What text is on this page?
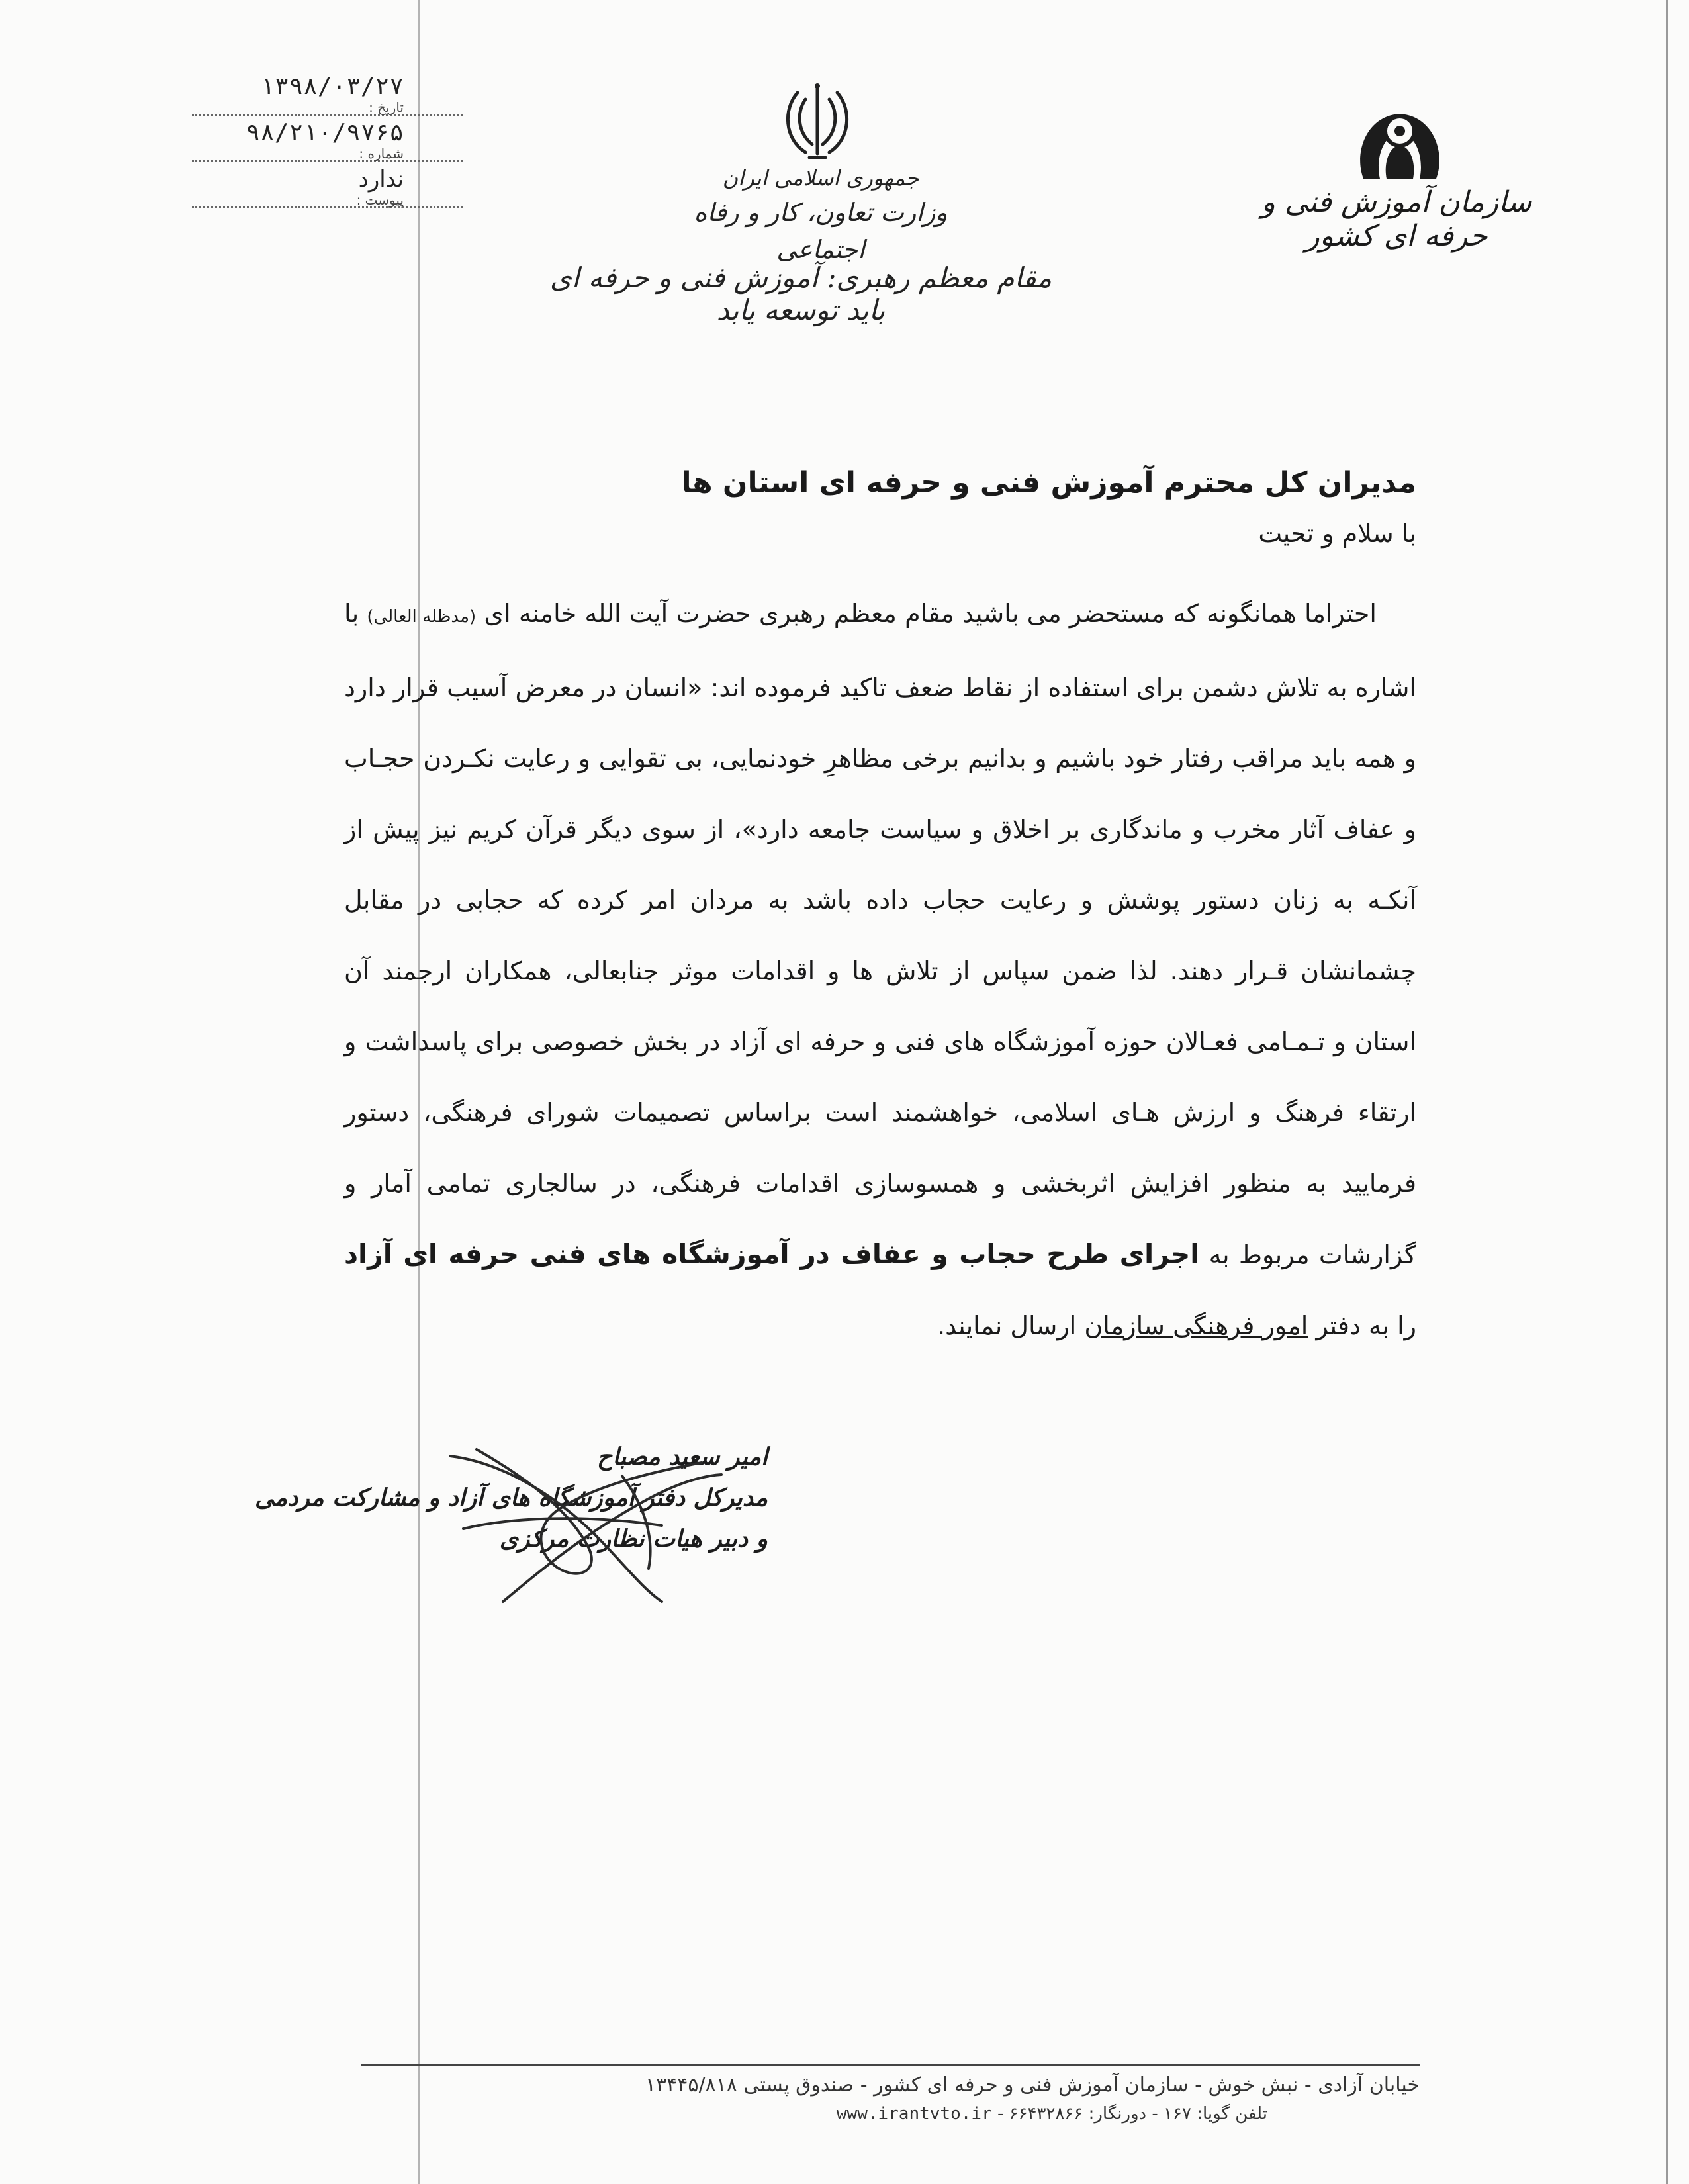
۱۳۹۸/۰۳/۲۷
تاریخ :
۹۸/۲۱۰/۹۷۶۵
شماره :
ندارد
پیوست :
جمهوری اسلامی ایران
وزارت تعاون، کار و رفاه اجتماعی
مقام معظم رهبری: آموزش فنی و حرفه ای باید توسعه یابد
سازمان آموزش فنی و حرفه ای کشور
مدیران کل محترم آموزش فنی و حرفه ای استان ها
با سلام و تحیت

احتراما همانگونه که مستحضر می باشید مقام معظم رهبری حضرت آیت الله خامنه ای (مدظله العالی) با اشاره به تلاش دشمن برای استفاده از نقاط ضعف تاکید فرموده اند: «انسان در معرض آسیب قرار دارد و همه باید مراقب رفتار خود باشیم و بدانیم برخی مظاهرِ خودنمایی، بی تقوایی و رعایت نکـردن حجـاب و عفاف آثار مخرب و ماندگاری بر اخلاق و سیاست جامعه دارد»، از سوی دیگر قرآن کریم نیز پیش از آنکـه به زنان دستور پوشش و رعایت حجاب داده باشد به مردان امر کرده که حجابی در مقابل چشمانشان قـرار دهند. لذا ضمن سپاس از تلاش ها و اقدامات موثر جنابعالی، همکاران ارجمند آن استان و تـمـامی فعـالان حوزه آموزشگاه های فنی و حرفه ای آزاد در بخش خصوصی برای پاسداشت و ارتقاء فرهنگ و ارزش هـای اسلامی، خواهشمند است براساس تصمیمات شورای فرهنگی، دستور فرمایید به منظور افزایش اثربخشی و همسوسازی اقدامات فرهنگی، در سالجاری تمامی آمار و گزارشات مربوط به اجرای طرح حجاب و عفاف در آموزشگاه های فنی حرفه ای آزاد را به دفتر امور فرهنگی سازمان ارسال نمایند.

امیر سعید مصباح
مدیرکل دفتر آموزشگاه های آزاد و مشارکت مردمی
و دبیر هیات نظارت مرکزی
خیابان آزادی - نبش خوش - سازمان آموزش فنی و حرفه ای کشور - صندوق پستی ۱۳۴۴۵/۸۱۸
تلفن گویا: ۱۶۷ - دورنگار: ۶۶۴۳۲۸۶۶ - www.irantvto.ir
